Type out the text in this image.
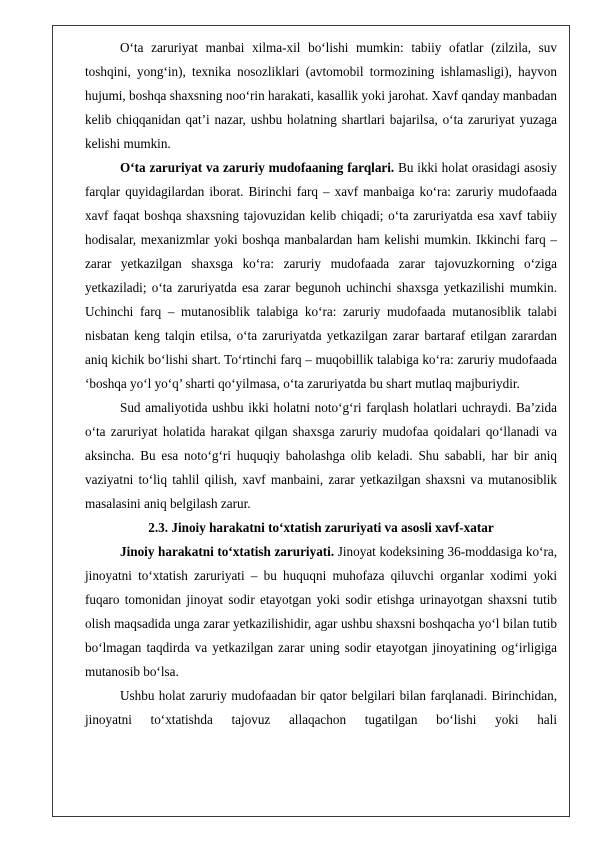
O‘ta zaruriyat manbai xilma-xil bo‘lishi mumkin: tabiiy ofatlar (zilzila, suv toshqini, yong‘in), texnika nosozliklari (avtomobil tormozining ishlamasligi), hayvon hujumi, boshqa shaxsning noo‘rin harakati, kasallik yoki jarohat. Xavf qanday manbadan kelib chiqqanidan qat’i nazar, ushbu holatning shartlari bajarilsa, o‘ta zaruriyat yuzaga kelishi mumkin.

O‘ta zaruriyat va zaruriy mudofaaning farqlari. Bu ikki holat orasidagi asosiy farqlar quyidagilardan iborat. Birinchi farq – xavf manbaiga ko‘ra: zaruriy mudofaada xavf faqat boshqa shaxsning tajovuzidan kelib chiqadi; o‘ta zaruriyatda esa xavf tabiiy hodisalar, mexanizmlar yoki boshqa manbalardan ham kelishi mumkin. Ikkinchi farq – zarar yetkazilgan shaxsga ko‘ra: zaruriy mudofaada zarar tajovuzkorning o‘ziga yetkaziladi; o‘ta zaruriyatda esa zarar begunoh uchinchi shaxsga yetkazilishi mumkin. Uchinchi farq – mutanosiblik talabiga ko‘ra: zaruriy mudofaada mutanosiblik talabi nisbatan keng talqin etilsa, o‘ta zaruriyatda yetkazilgan zarar bartaraf etilgan zarardan aniq kichik bo‘lishi shart. To‘rtinchi farq – muqobillik talabiga ko‘ra: zaruriy mudofaada ‘boshqa yo‘l yo‘q’ sharti qo‘yilmasa, o‘ta zaruriyatda bu shart mutlaq majburiydir.

Sud amaliyotida ushbu ikki holatni noto‘g‘ri farqlash holatlari uchraydi. Ba’zida o‘ta zaruriyat holatida harakat qilgan shaxsga zaruriy mudofaa qoidalari qo‘llanadi va aksincha. Bu esa noto‘g‘ri huquqiy baholashga olib keladi. Shu sababli, har bir aniq vaziyatni to‘liq tahlil qilish, xavf manbaini, zarar yetkazilgan shaxsni va mutanosiblik masalasini aniq belgilash zarur.

2.3. Jinoiy harakatni to‘xtatish zaruriyati va asosli xavf-xatar

Jinoiy harakatni to‘xtatish zaruriyati. Jinoyat kodeksining 36-moddasiga ko‘ra, jinoyatni to‘xtatish zaruriyati – bu huquqni muhofaza qiluvchi organlar xodimi yoki fuqaro tomonidan jinoyat sodir etayotgan yoki sodir etishga urinayotgan shaxsni tutib olish maqsadida unga zarar yetkazilishidir, agar ushbu shaxsni boshqacha yo‘l bilan tutib bo‘lmagan taqdirda va yetkazilgan zarar uning sodir etayotgan jinoyatining og‘irligiga mutanosib bo‘lsa.

Ushbu holat zaruriy mudofaadan bir qator belgilari bilan farqlanadi. Birinchidan, jinoyatni to‘xtatishda tajovuz allaqachon tugatilgan bo‘lishi yoki hali
